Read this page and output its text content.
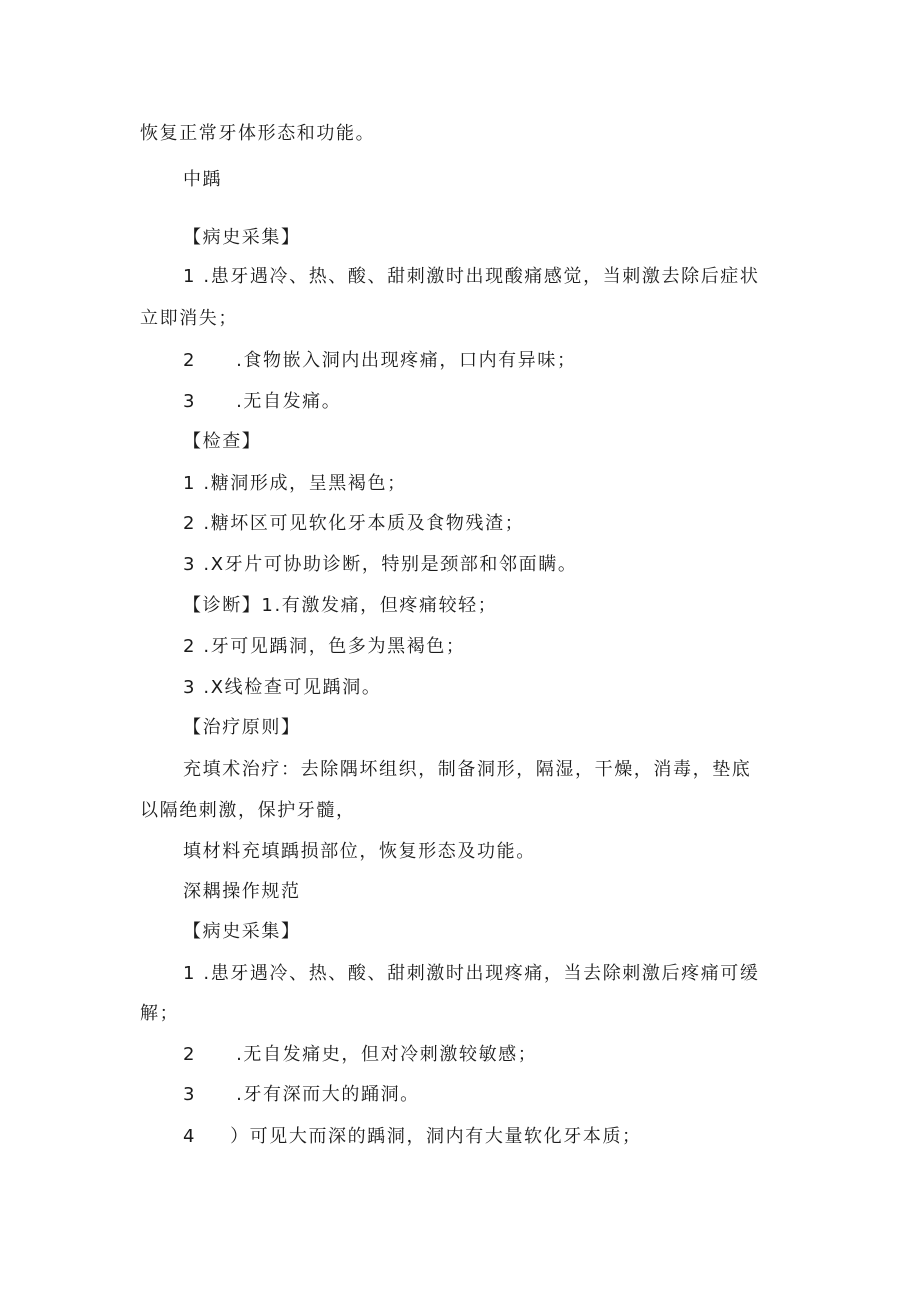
恢复正常牙体形态和功能。

中踽

【病史采集】

1 .患牙遇冷、热、酸、甜刺激时出现酸痛感觉，当刺激去除后症状

立即消失；

2 .食物嵌入洞内出现疼痛，口内有异味；

3 .无自发痛。

【检查】

1 .糖洞形成，呈黑褐色；

2 .糖坏区可见软化牙本质及食物残渣；

3 .X牙片可协助诊断，特别是颈部和邻面瞒。

【诊断】1.有激发痛，但疼痛较轻；

2 .牙可见踽洞，色多为黑褐色；

3 .X线检查可见踽洞。

【治疗原则】

充填术治疗：去除隅坏组织，制备洞形，隔湿，干燥，消毒，垫底

以隔绝刺激，保护牙髓，

填材料充填踽损部位，恢复形态及功能。

深耦操作规范

【病史采集】

1 .患牙遇冷、热、酸、甜刺激时出现疼痛，当去除刺激后疼痛可缓

解；

2 .无自发痛史，但对冷刺激较敏感；

3 .牙有深而大的踊洞。

4 ）可见大而深的踽洞，洞内有大量软化牙本质；
